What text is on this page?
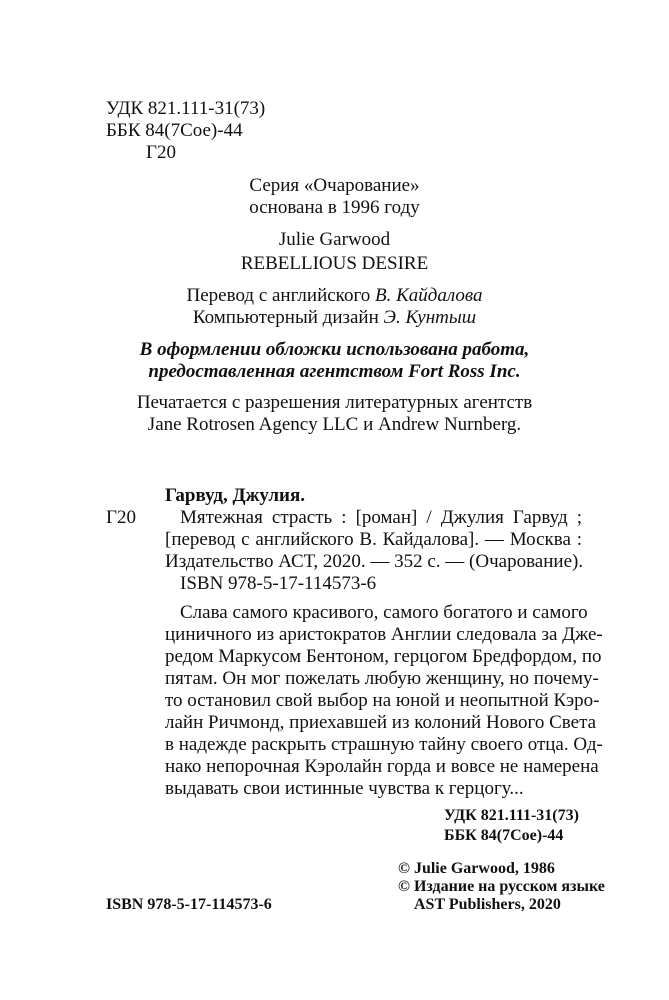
УДК 821.111-31(73)
ББК 84(7Сое)-44
Г20
Серия «Очарование»
основана в 1996 году
Julie Garwood
REBELLIOUS DESIRE
Перевод с английского В. Кайдалова
Компьютерный дизайн Э. Кунтыш
В оформлении обложки использована работа,
предоставленная агентством Fort Ross Inc.
Печатается с разрешения литературных агентств
Jane Rotrosen Agency LLC и Andrew Nurnberg.
Гарвуд, Джулия.
Г20 Мятежная страсть : [роман] / Джулия Гарвуд ;
[перевод с английского В. Кайдалова]. — Москва :
Издательство АСТ, 2020. — 352 с. — (Очарование).
ISBN 978-5-17-114573-6
Слава самого красивого, самого богатого и самого
циничного из аристократов Англии следовала за Дже-
редом Маркусом Бентоном, герцогом Бредфордом, по
пятам. Он мог пожелать любую женщину, но почему-
то остановил свой выбор на юной и неопытной Кэро-
лайн Ричмонд, приехавшей из колоний Нового Света
в надежде раскрыть страшную тайну своего отца. Од-
нако непорочная Кэролайн горда и вовсе не намерена
выдавать свои истинные чувства к герцогу...
УДК 821.111-31(73)
ББК 84(7Сое)-44
© Julie Garwood, 1986
© Издание на русском языке
AST Publishers, 2020
ISBN 978-5-17-114573-6
